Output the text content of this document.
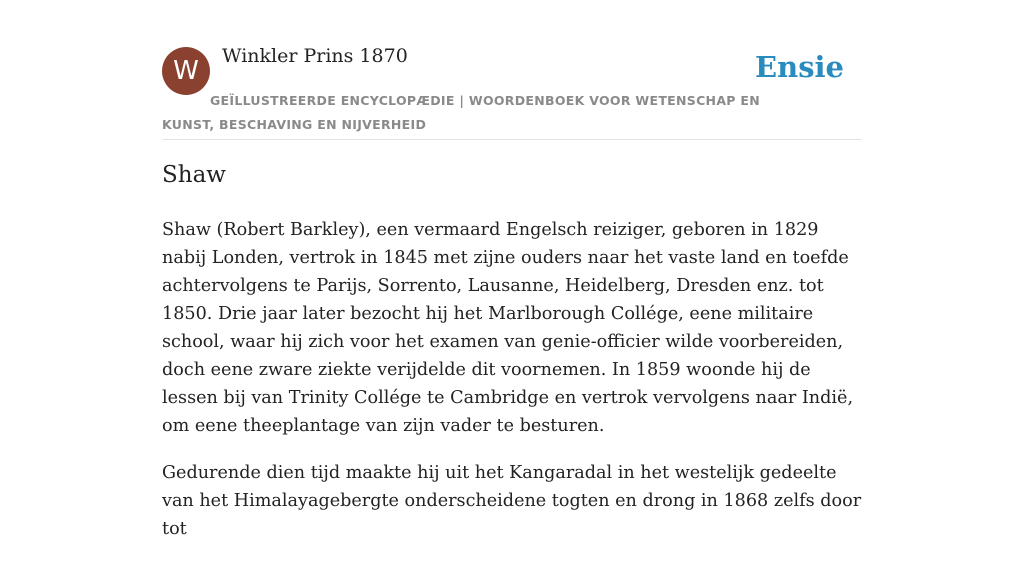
W	Winkler Prins 1870	Ensie
GEÏLLUSTREERDE ENCYCLOPÆDIE | WOORDENBOEK VOOR WETENSCHAP EN KUNST, BESCHAVING EN NIJVERHEID
Shaw

Shaw (Robert Barkley), een vermaard Engelsch reiziger, geboren in 1829 nabij Londen, vertrok in 1845 met zijne ouders naar het vaste land en toefde achtervolgens te Parijs, Sorrento, Lausanne, Heidelberg, Dresden enz. tot 1850. Drie jaar later bezocht hij het Marlborough Collége, eene militaire school, waar hij zich voor het examen van genie-officier wilde voorbereiden, doch eene zware ziekte verijdelde dit voornemen. In 1859 woonde hij de lessen bij van Trinity Collége te Cambridge en vertrok vervolgens naar Indië, om eene theeplantage van zijn vader te besturen.

Gedurende dien tijd maakte hij uit het Kangaradal in het westelijk gedeelte van het Himalayagebergte onderscheidene togten en drong in 1868 zelfs door tot
